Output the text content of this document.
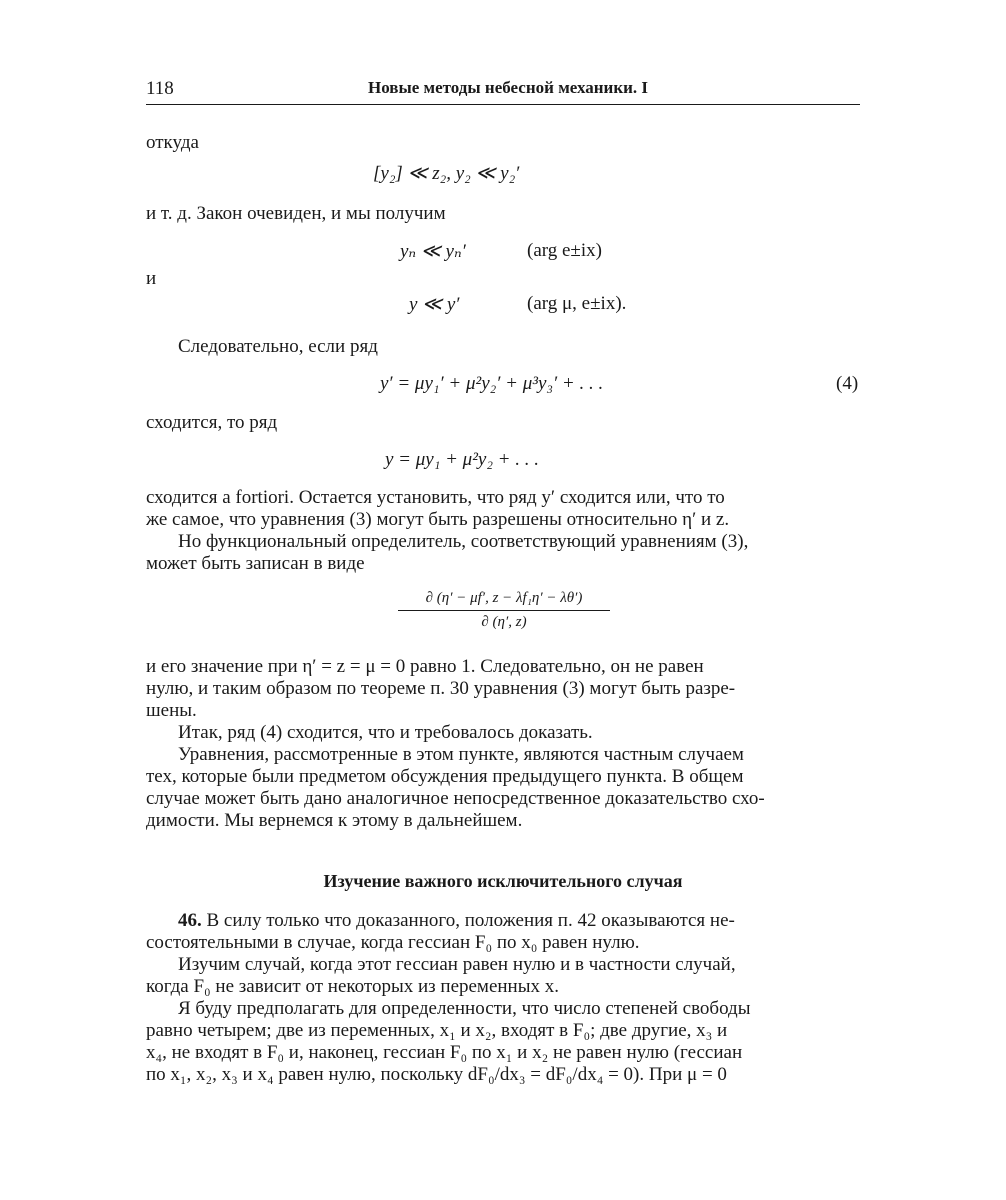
118	Новые методы небесной механики. I

откуда

[y₂] ≪ z₂, y₂ ≪ y₂′

и т. д. Закон очевиден, и мы получим

yₙ ≪ yₙ′	(arg e±ix)

и

y ≪ y′	(arg μ, e±ix).

Следовательно, если ряд

y′ = μy₁′ + μ²y₂′ + μ³y₃′ + . . .	(4)

сходится, то ряд

y = μy₁ + μ²y₂ + . . .

сходится a fortiori. Остается установить, что ряд y′ сходится или, что то

же самое, что уравнения (3) могут быть разрешены относительно η′ и z.

Но функциональный определитель, соответствующий уравнениям (3),

может быть записан в виде

$\frac{\text{∂ (η′ − μf′, z − λf₁η′ − λθ′)}}{\partial (\eta', z)}$

и его значение при η′ = z = μ = 0 равно 1. Следовательно, он не равен

нулю, и таким образом по теореме п. 30 уравнения (3) могут быть разре-

шены.

Итак, ряд (4) сходится, что и требовалось доказать.

Уравнения, рассмотренные в этом пункте, являются частным случаем

тех, которые были предметом обсуждения предыдущего пункта. В общем

случае может быть дано аналогичное непосредственное доказательство схо-

димости. Мы вернемся к этому в дальнейшем.

Изучение важного исключительного случая

46. В силу только что доказанного, положения п. 42 оказываются не-

состоятельными в случае, когда гессиан F₀ по x₀ равен нулю.

Изучим случай, когда этот гессиан равен нулю и в частности случай,

когда F₀ не зависит от некоторых из переменных x.

Я буду предполагать для определенности, что число степеней свободы

равно четырем; две из переменных, x₁ и x₂, входят в F₀; две другие, x₃ и

x₄, не входят в F₀ и, наконец, гессиан F₀ по x₁ и x₂ не равен нулю (гессиан

по x₁, x₂, x₃ и x₄ равен нулю, поскольку dF₀/dx₃ = dF₀/dx₄ = 0). При μ = 0
